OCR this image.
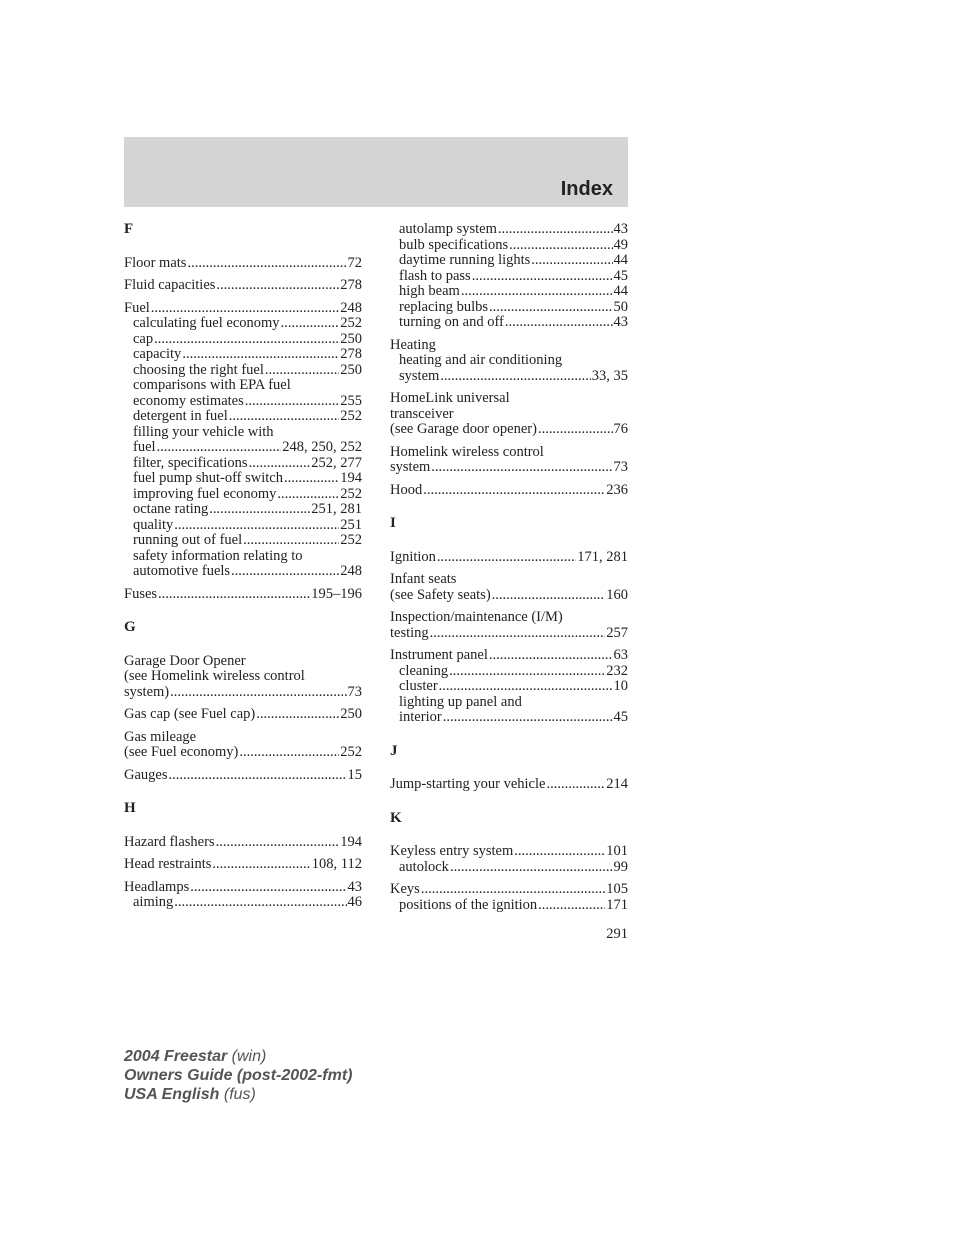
Index
F
Floor mats .....	72
Fluid capacities .....	278
Fuel .....	248
calculating fuel economy .....	252
cap .....	250
capacity .....	278
choosing the right fuel .....	250
comparisons with EPA fuel
economy estimates .....	255
detergent in fuel .....	252
filling your vehicle with
fuel .....	248, 250, 252
filter, specifications .....	252, 277
fuel pump shut-off switch .....	194
improving fuel economy .....	252
octane rating .....	251, 281
quality .....	251
running out of fuel .....	252
safety information relating to
automotive fuels .....	248
Fuses .....	195–196
G
Garage Door Opener
(see Homelink wireless control
system) .....	73
Gas cap (see Fuel cap) .....	250
Gas mileage
(see Fuel economy) .....	252
Gauges .....	15
H
Hazard flashers .....	194
Head restraints .....	108, 112
Headlamps .....	43
aiming .....	46
autolamp system .....	43
bulb specifications .....	49
daytime running lights .....	44
flash to pass .....	45
high beam .....	44
replacing bulbs .....	50
turning on and off .....	43
Heating
heating and air conditioning
system .....	33, 35
HomeLink universal
transceiver
(see Garage door opener) .....	76
Homelink wireless control
system .....	73
Hood .....	236
I
Ignition .....	171, 281
Infant seats
(see Safety seats) .....	160
Inspection/maintenance (I/M)
testing .....	257
Instrument panel .....	63
cleaning .....	232
cluster .....	10
lighting up panel and
interior .....	45
J
Jump-starting your vehicle .....	214
K
Keyless entry system .....	101
autolock .....	99
Keys .....	105
positions of the ignition .....	171
291
2004 Freestar (win)
Owners Guide (post-2002-fmt)
USA English (fus)
